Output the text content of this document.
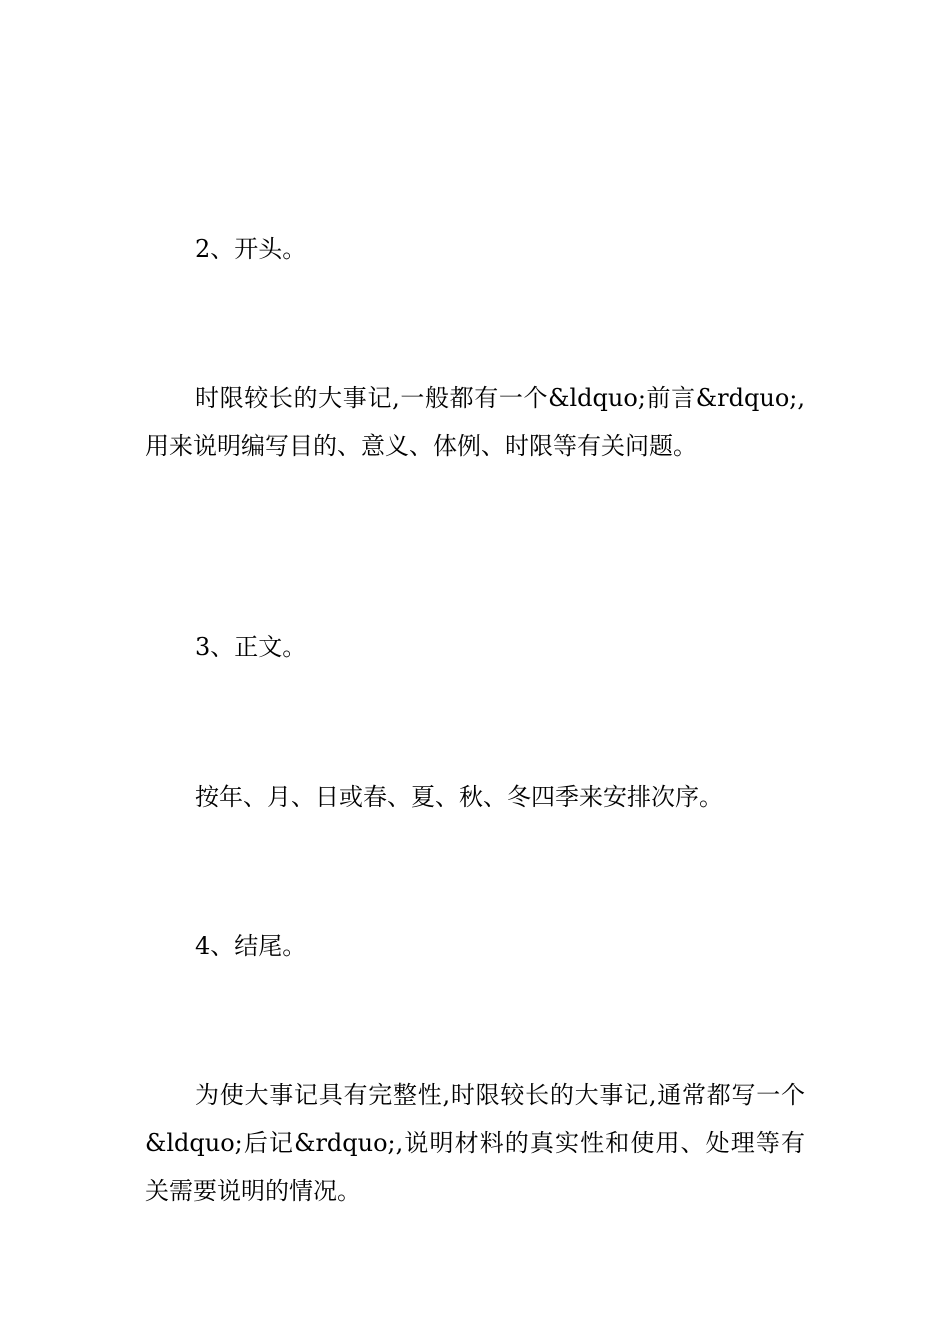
2、开头。

时限较长的大事记,一般都有一个&ldquo;前言&rdquo;,用来说明编写目的、意义、体例、时限等有关问题。

3、正文。

按年、月、日或春、夏、秋、冬四季来安排次序。

4、结尾。

为使大事记具有完整性,时限较长的大事记,通常都写一个&ldquo;后记&rdquo;,说明材料的真实性和使用、处理等有关需要说明的情况。
